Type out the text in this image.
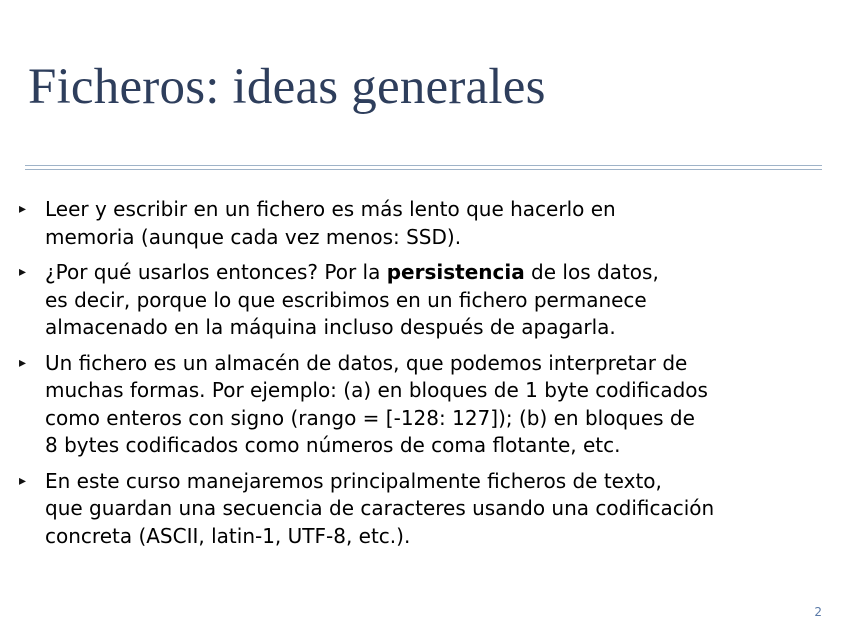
Ficheros: ideas generales
▸ Leer y escribir en un fichero es más lento que hacerlo en
memoria (aunque cada vez menos: SSD).
▸ ¿Por qué usarlos entonces? Por la persistencia de los datos,
es decir, porque lo que escribimos en un fichero permanece
almacenado en la máquina incluso después de apagarla.
▸ Un fichero es un almacén de datos, que podemos interpretar de
muchas formas. Por ejemplo: (a) en bloques de 1 byte codificados
como enteros con signo (rango = [-128: 127]); (b) en bloques de
8 bytes codificados como números de coma flotante, etc.
▸ En este curso manejaremos principalmente ficheros de texto,
que guardan una secuencia de caracteres usando una codificación
concreta (ASCII, latin-1, UTF-8, etc.).
2
